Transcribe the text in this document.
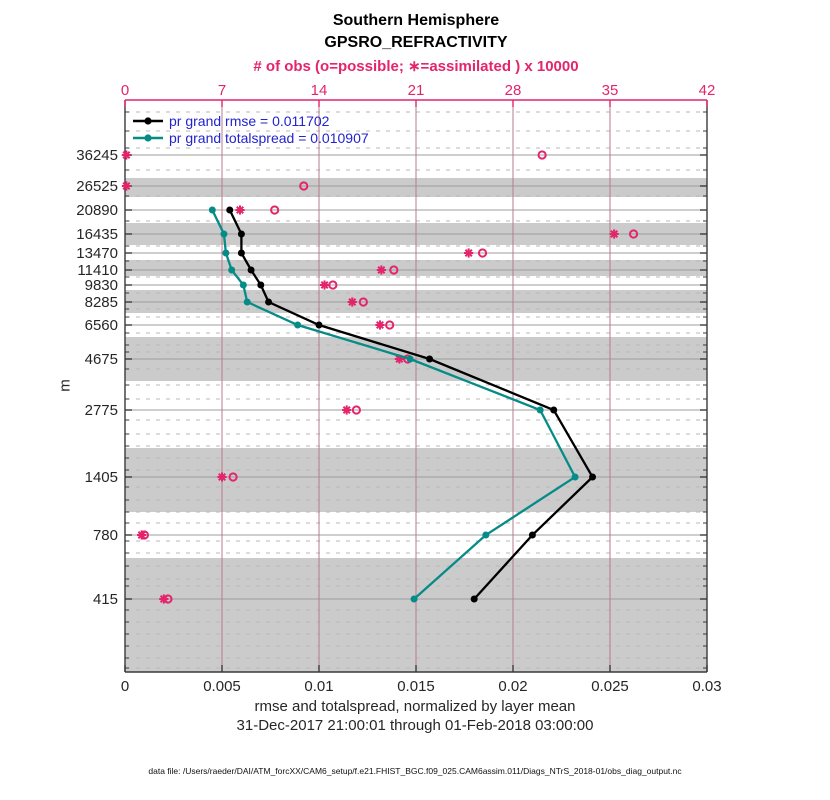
36245
26525
20890
16435
13470
11410
9830
8285
6560
4675
2775
1405
780
415
0	7	14	21	28	35	42
0	0.005	0.01	0.015	0.02	0.025	0.03
Southern Hemisphere
GPSRO_REFRACTIVITY
# of obs (o=possible; ∗=assimilated ) x 10000
m
pr grand rmse = 0.011702
pr grand totalspread = 0.010907
rmse and totalspread, normalized by layer mean
31-Dec-2017 21:00:01 through 01-Feb-2018 03:00:00
data file: /Users/raeder/DAI/ATM_forcXX/CAM6_setup/f.e21.FHIST_BGC.f09_025.CAM6assim.011/Diags_NTrS_2018-01/obs_diag_output.nc
